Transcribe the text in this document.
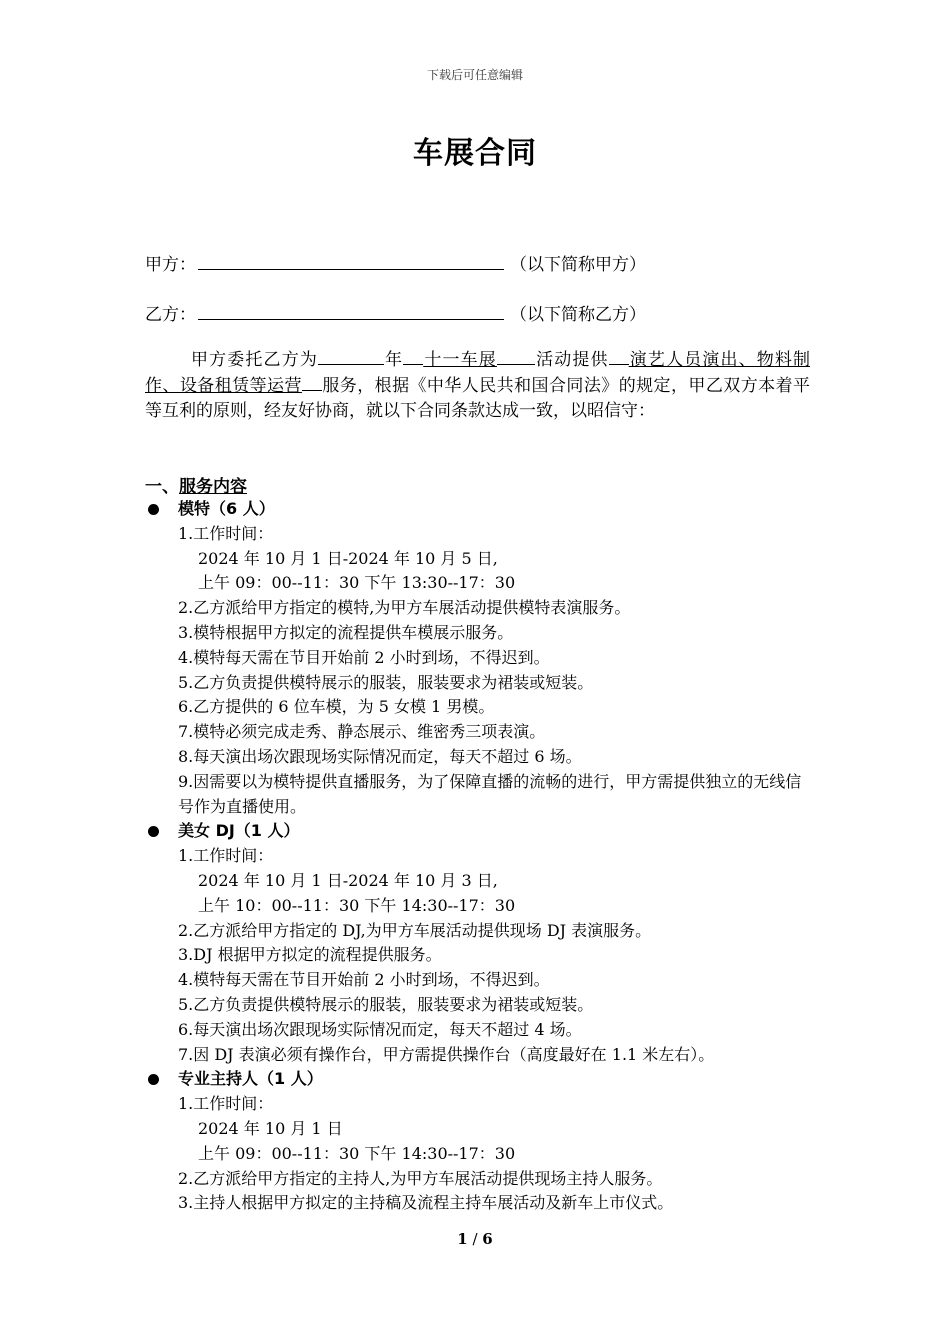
下载后可任意编辑
车展合同
甲方：	（以下简称甲方）
乙方：	（以下简称乙方）
甲方委托乙方为	年 十一车展 活动提供 演艺人员演出、物料制作、设备租赁等运营 服务，根据《中华人民共和国合同法》的规定，甲乙双方本着平等互利的原则，经友好协商，就以下合同条款达成一致，以昭信守：
一、服务内容
模特（6 人）
1.工作时间：
2024 年 10 月 1 日-2024 年 10 月 5 日,
上午 09：00--11：30 下午 13:30--17：30
2.乙方派给甲方指定的模特,为甲方车展活动提供模特表演服务。
3.模特根据甲方拟定的流程提供车模展示服务。
4.模特每天需在节目开始前 2 小时到场，不得迟到。
5.乙方负责提供模特展示的服装，服装要求为裙装或短装。
6.乙方提供的 6 位车模，为 5 女模 1 男模。
7.模特必须完成走秀、静态展示、维密秀三项表演。
8.每天演出场次跟现场实际情况而定，每天不超过 6 场。
9.因需要以为模特提供直播服务，为了保障直播的流畅的进行，甲方需提供独立的无线信号作为直播使用。
美女 DJ（1 人）
1.工作时间：
2024 年 10 月 1 日-2024 年 10 月 3 日,
上午 10：00--11：30 下午 14:30--17：30
2.乙方派给甲方指定的 DJ,为甲方车展活动提供现场 DJ 表演服务。
3.DJ 根据甲方拟定的流程提供服务。
4.模特每天需在节目开始前 2 小时到场，不得迟到。
5.乙方负责提供模特展示的服装，服装要求为裙装或短装。
6.每天演出场次跟现场实际情况而定，每天不超过 4 场。
7.因 DJ 表演必须有操作台，甲方需提供操作台（高度最好在 1.1 米左右）。
专业主持人（1 人）
1.工作时间：
2024 年 10 月 1 日
上午 09：00--11：30 下午 14:30--17：30
2.乙方派给甲方指定的主持人,为甲方车展活动提供现场主持人服务。
3.主持人根据甲方拟定的主持稿及流程主持车展活动及新车上市仪式。
1 / 6
